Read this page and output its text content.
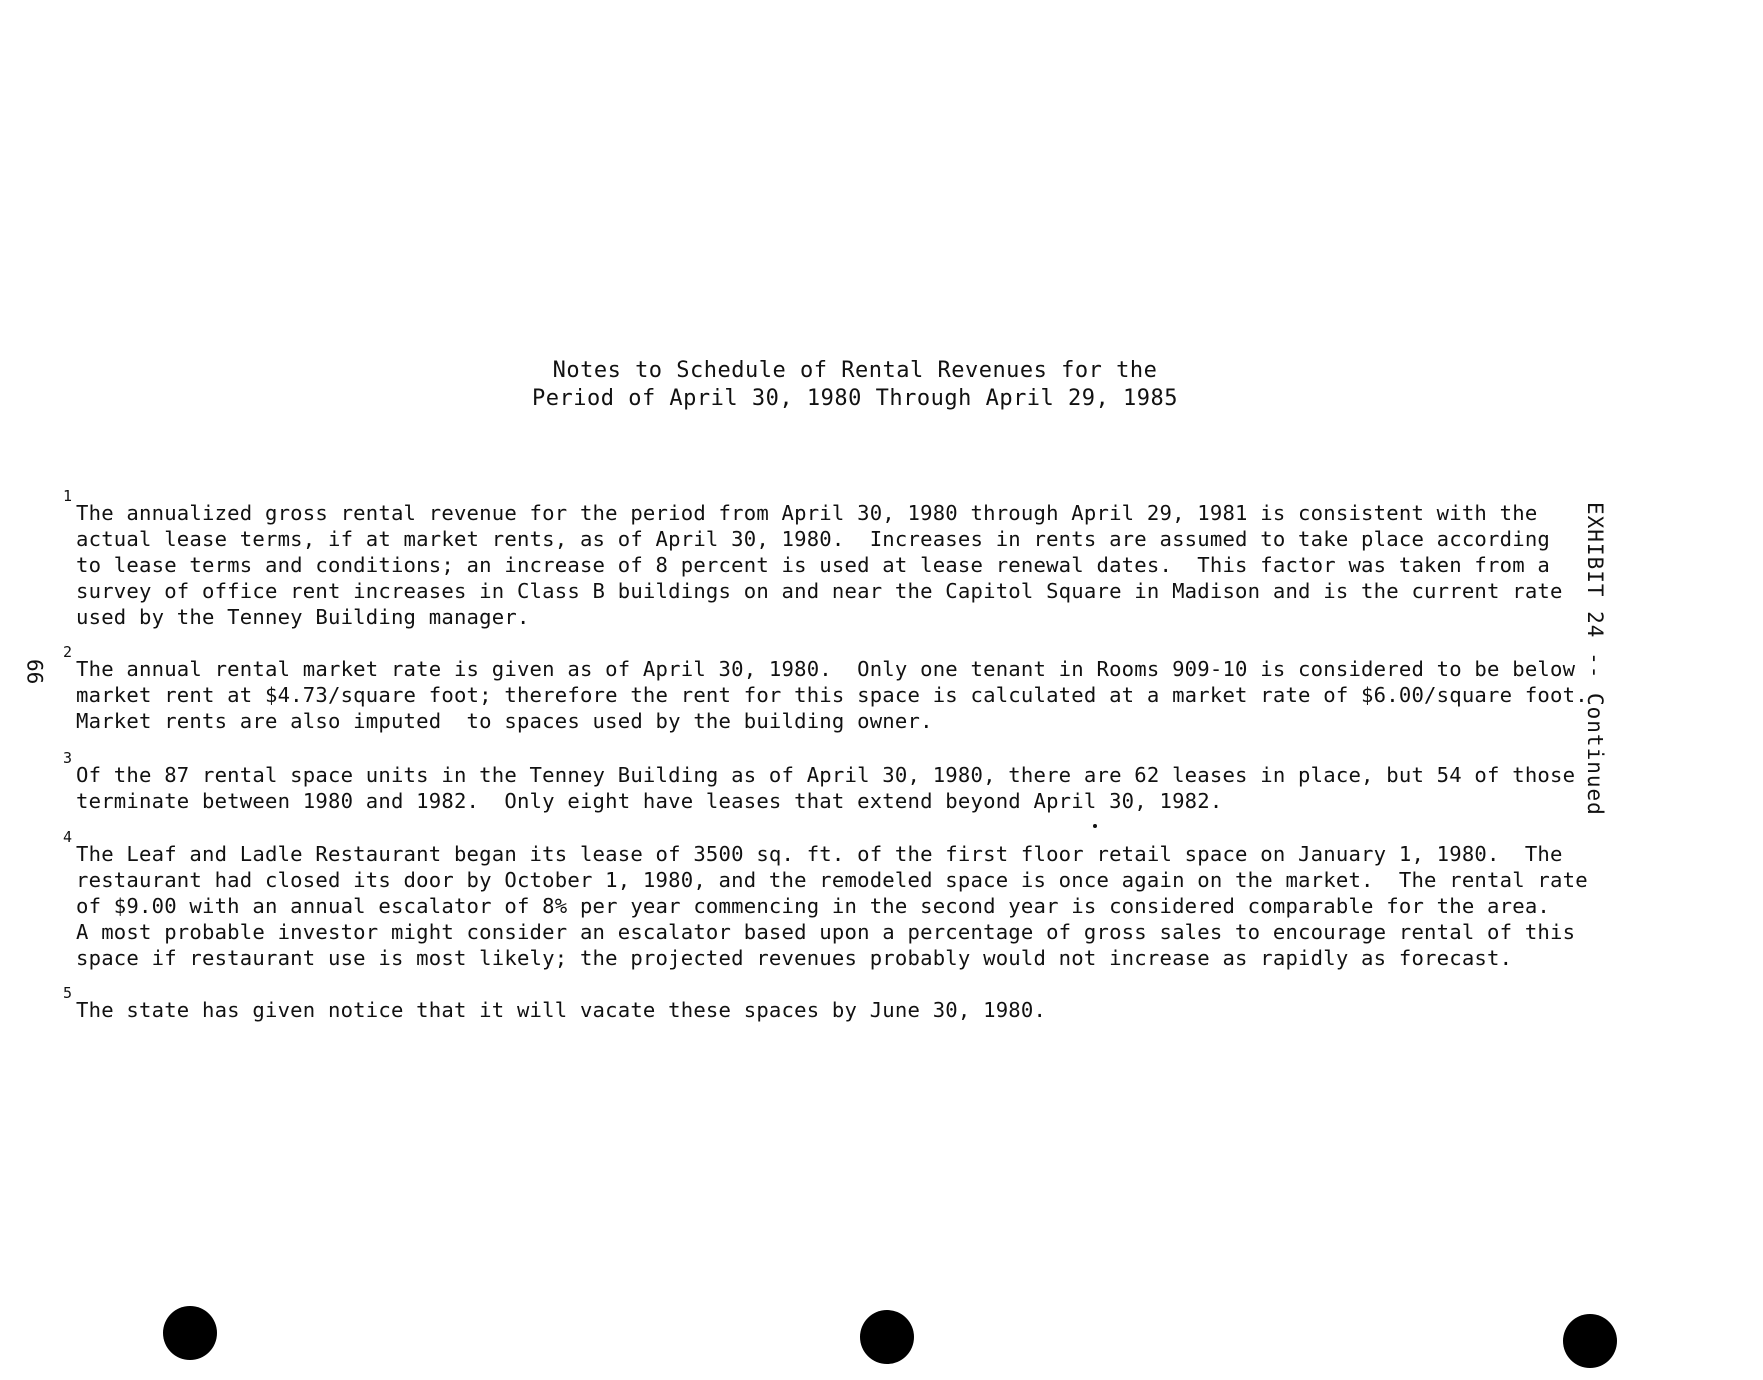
Notes to Schedule of Rental Revenues for the
Period of April 30, 1980 Through April 29, 1985
1
The annualized gross rental revenue for the period from April 30, 1980 through April 29, 1981 is consistent with the
actual lease terms, if at market rents, as of April 30, 1980.  Increases in rents are assumed to take place according
to lease terms and conditions; an increase of 8 percent is used at lease renewal dates.  This factor was taken from a
survey of office rent increases in Class B buildings on and near the Capitol Square in Madison and is the current rate
used by the Tenney Building manager.
2
The annual rental market rate is given as of April 30, 1980.  Only one tenant in Rooms 909-10 is considered to be below
market rent at $4.73/square foot; therefore the rent for this space is calculated at a market rate of $6.00/square foot.
Market rents are also imputed  to spaces used by the building owner.
3
Of the 87 rental space units in the Tenney Building as of April 30, 1980, there are 62 leases in place, but 54 of those
terminate between 1980 and 1982.  Only eight have leases that extend beyond April 30, 1982.
4
The Leaf and Ladle Restaurant began its lease of 3500 sq. ft. of the first floor retail space on January 1, 1980.  The
restaurant had closed its door by October 1, 1980, and the remodeled space is once again on the market.  The rental rate
of $9.00 with an annual escalator of 8% per year commencing in the second year is considered comparable for the area.
A most probable investor might consider an escalator based upon a percentage of gross sales to encourage rental of this
space if restaurant use is most likely; the projected revenues probably would not increase as rapidly as forecast.
5
The state has given notice that it will vacate these spaces by June 30, 1980.
EXHIBIT 24 -- Continued
99
